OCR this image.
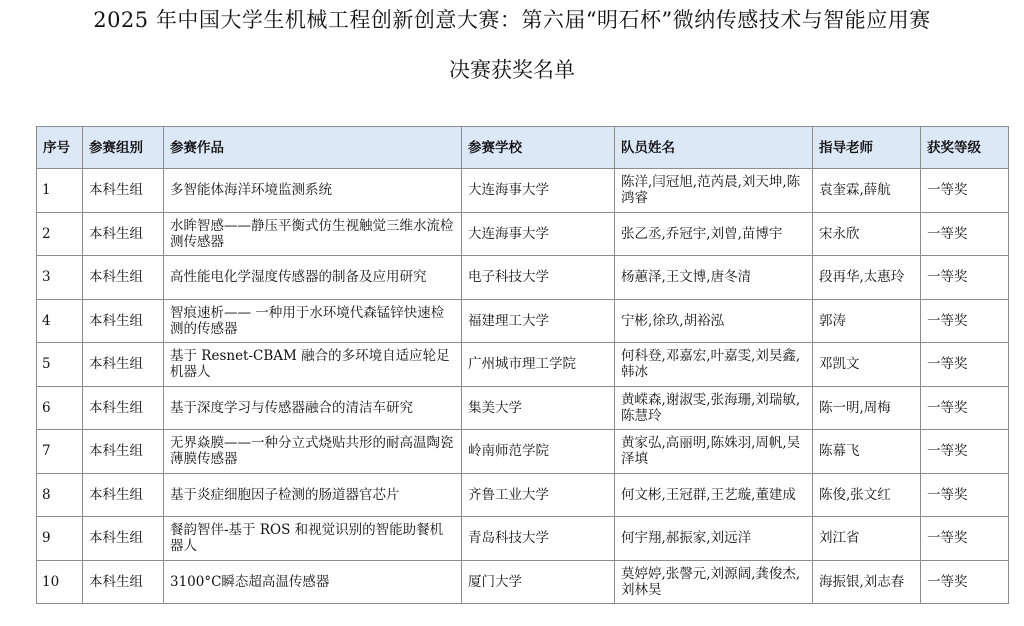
2025 年中国大学生机械工程创新创意大赛：第六届“明石杯”微纳传感技术与智能应用赛
决赛获奖名单
序号	参赛组别	参赛作品	参赛学校	队员姓名	指导老师	获奖等级
1	本科生组	多智能体海洋环境监测系统	大连海事大学	陈洋,闫冠旭,范芮晨,刘天坤,陈鸿睿	袁奎霖,薛航	一等奖
2	本科生组	水眸智感——静压平衡式仿生视触觉三维水流检测传感器	大连海事大学	张乙丞,乔冠宇,刘曾,苗博宇	宋永欣	一等奖
3	本科生组	高性能电化学湿度传感器的制备及应用研究	电子科技大学	杨蕙泽,王文博,唐冬清	段再华,太惠玲	一等奖
4	本科生组	智痕速析—— 一种用于水环境代森锰锌快速检测的传感器	福建理工大学	宁彬,徐玖,胡裕泓	郭涛	一等奖
5	本科生组	基于 Resnet-CBAM 融合的多环境自适应轮足机器人	广州城市理工学院	何科登,邓嘉宏,叶嘉雯,刘昊鑫,韩冰	邓凯文	一等奖
6	本科生组	基于深度学习与传感器融合的清洁车研究	集美大学	黄嵘森,谢淑雯,张海珊,刘瑞敏,陈慧玲	陈一明,周梅	一等奖
7	本科生组	无界焱膜——一种分立式烧贴共形的耐高温陶瓷薄膜传感器	岭南师范学院	黄家弘,高丽明,陈姝羽,周帆,吴泽填	陈幕飞	一等奖
8	本科生组	基于炎症细胞因子检测的肠道器官芯片	齐鲁工业大学	何文彬,王冠群,王艺璇,董建成	陈俊,张文红	一等奖
9	本科生组	餐韵智伴-基于 ROS 和视觉识别的智能助餐机器人	青岛科技大学	何宇翔,郝振家,刘远洋	刘江省	一等奖
10	本科生组	3100°C瞬态超高温传感器	厦门大学	莫婷婷,张謦元,刘源阔,龚俊杰,刘林昊	海振银,刘志春	一等奖
